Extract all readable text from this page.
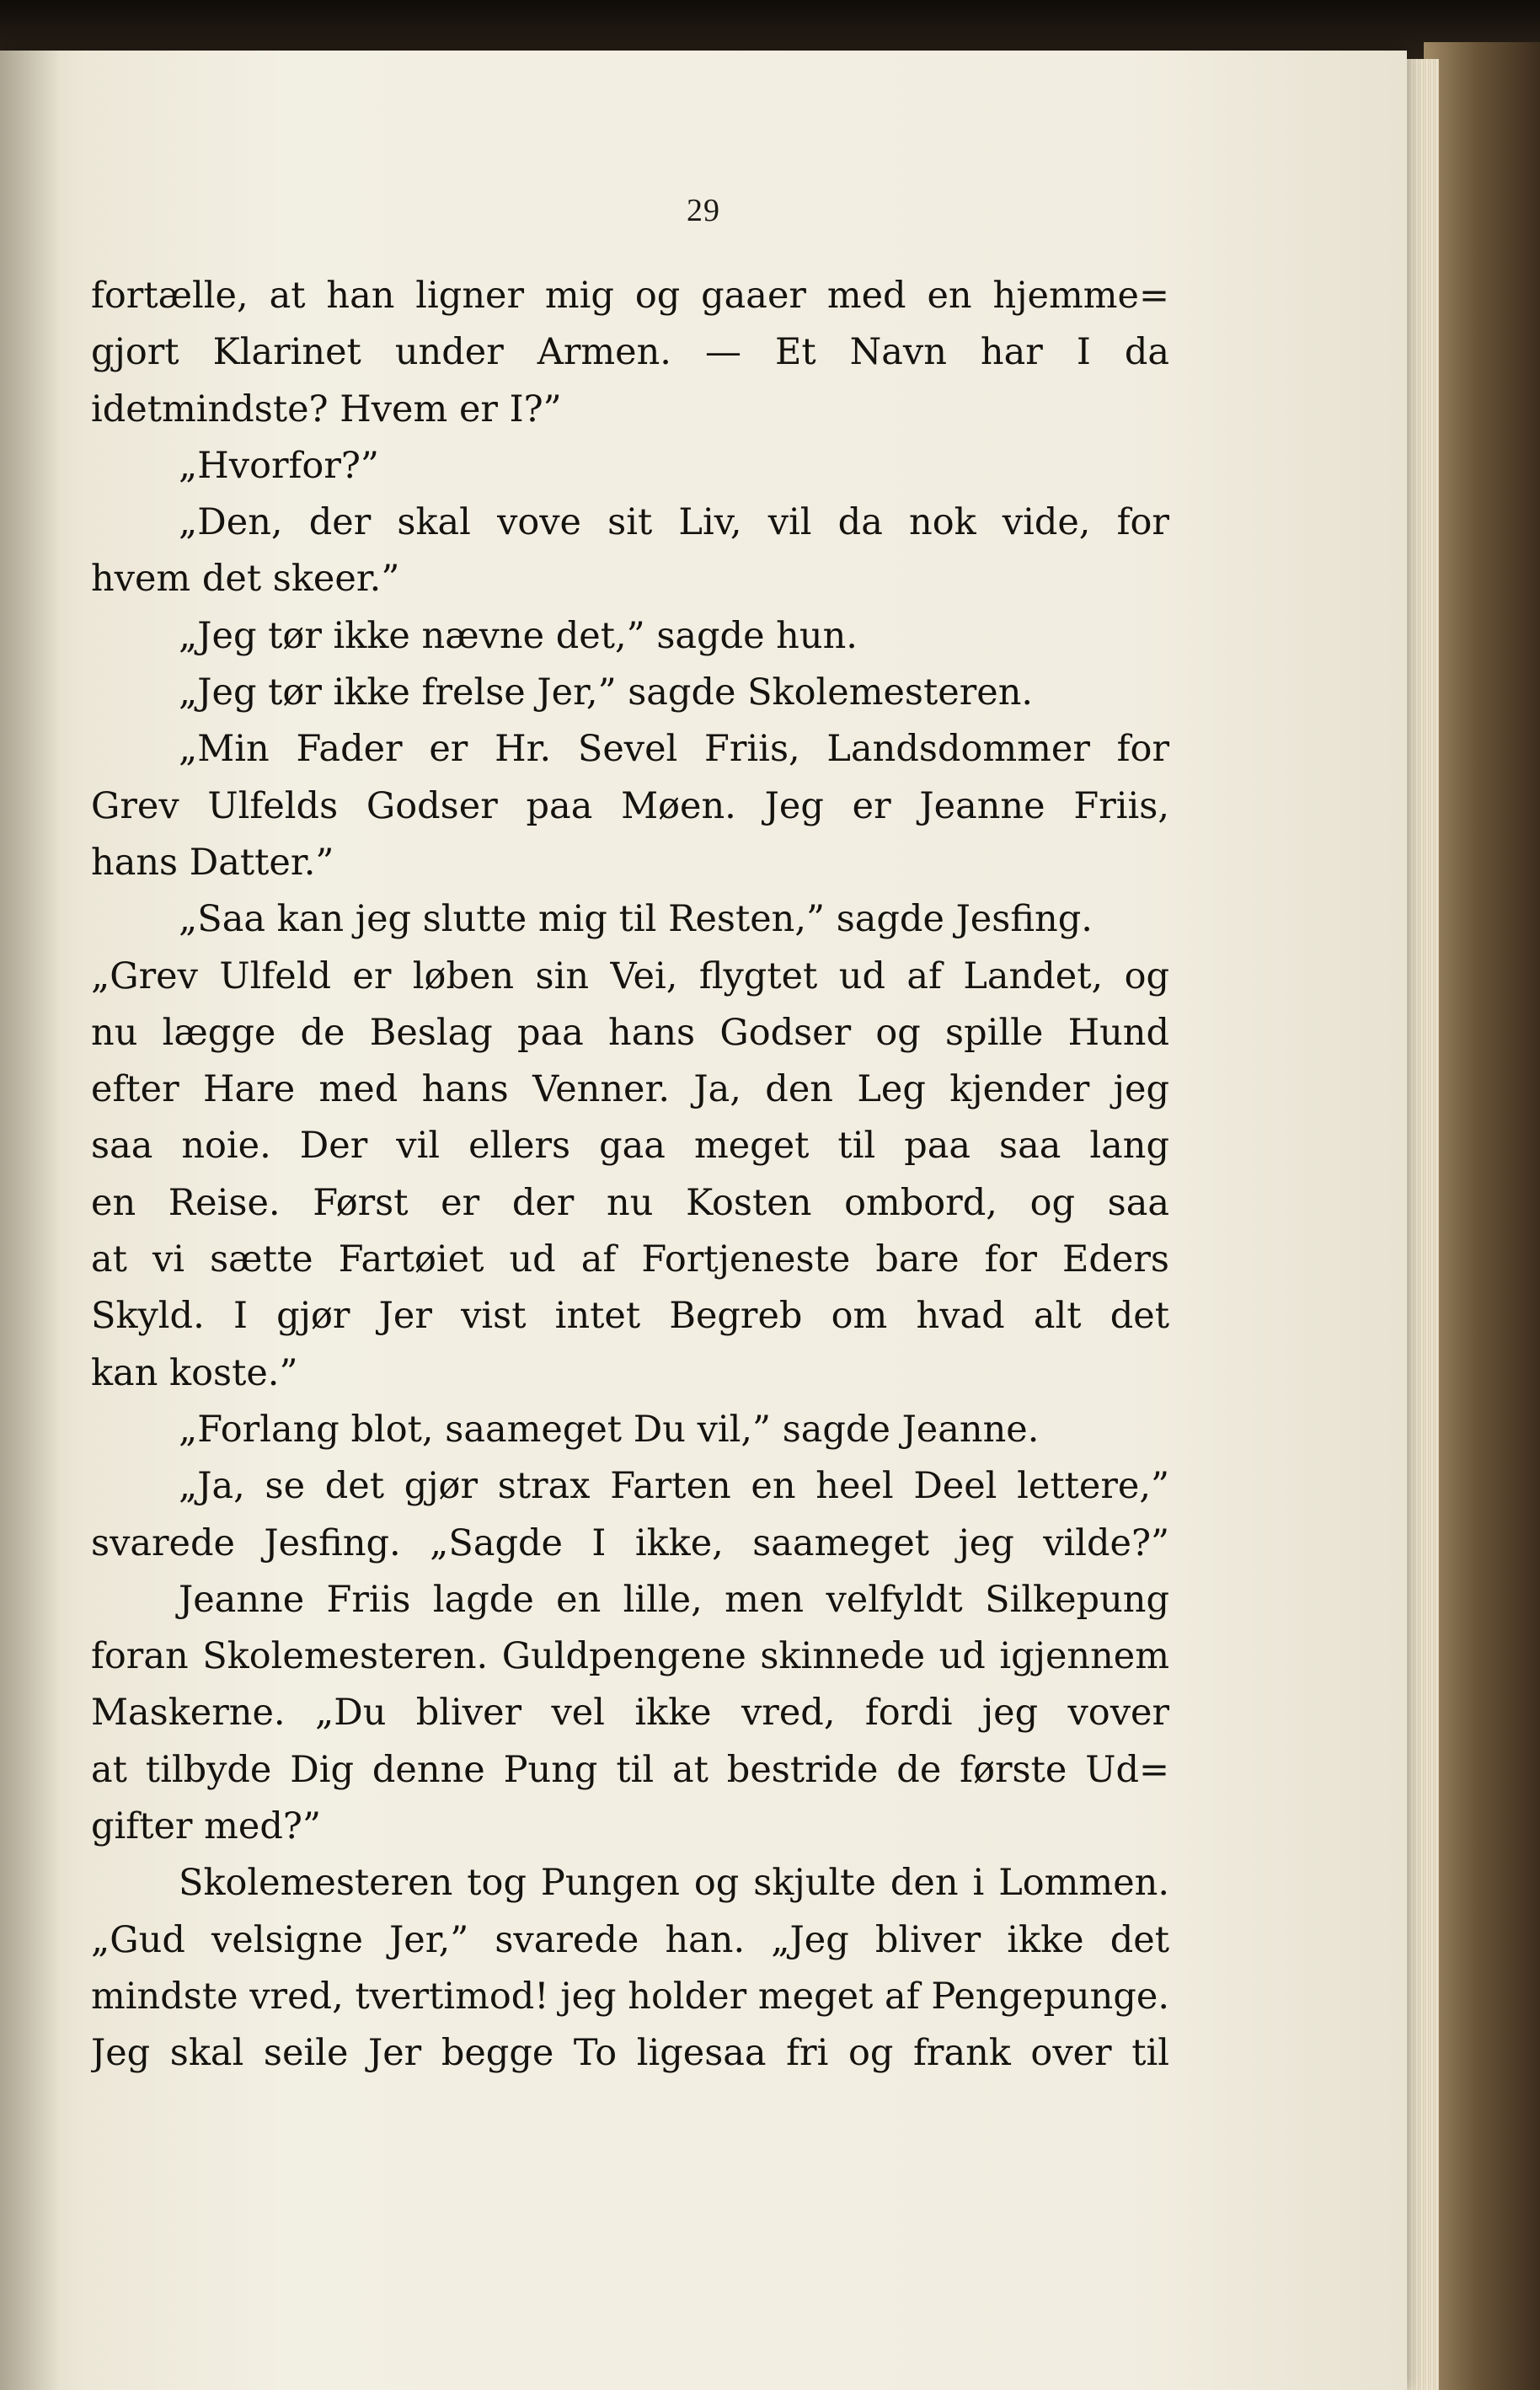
29
fortælle, at han ligner mig og gaaer med en hjemme=
gjort Klarinet under Armen. — Et Navn har I da
idetmindste? Hvem er I?”
„Hvorfor?”
„Den, der skal vove sit Liv, vil da nok vide, for
hvem det skeer.”
„Jeg tør ikke nævne det,” sagde hun.
„Jeg tør ikke frelse Jer,” sagde Skolemesteren.
„Min Fader er Hr. Sevel Friis, Landsdommer for
Grev Ulfelds Godser paa Møen. Jeg er Jeanne Friis,
hans Datter.”
„Saa kan jeg slutte mig til Resten,” sagde Jesfing.
„Grev Ulfeld er løben sin Vei, flygtet ud af Landet, og
nu lægge de Beslag paa hans Godser og spille Hund
efter Hare med hans Venner. Ja, den Leg kjender jeg
saa noie. Der vil ellers gaa meget til paa saa lang
en Reise. Først er der nu Kosten ombord, og saa
at vi sætte Fartøiet ud af Fortjeneste bare for Eders
Skyld. I gjør Jer vist intet Begreb om hvad alt det
kan koste.”
„Forlang blot, saameget Du vil,” sagde Jeanne.
„Ja, se det gjør strax Farten en heel Deel lettere,”
svarede Jesfing. „Sagde I ikke, saameget jeg vilde?”
Jeanne Friis lagde en lille, men velfyldt Silkepung
foran Skolemesteren. Guldpengene skinnede ud igjennem
Maskerne. „Du bliver vel ikke vred, fordi jeg vover
at tilbyde Dig denne Pung til at bestride de første Ud=
gifter med?”
Skolemesteren tog Pungen og skjulte den i Lommen.
„Gud velsigne Jer,” svarede han. „Jeg bliver ikke det
mindste vred, tvertimod! jeg holder meget af Pengepunge.
Jeg skal seile Jer begge To ligesaa fri og frank over til
